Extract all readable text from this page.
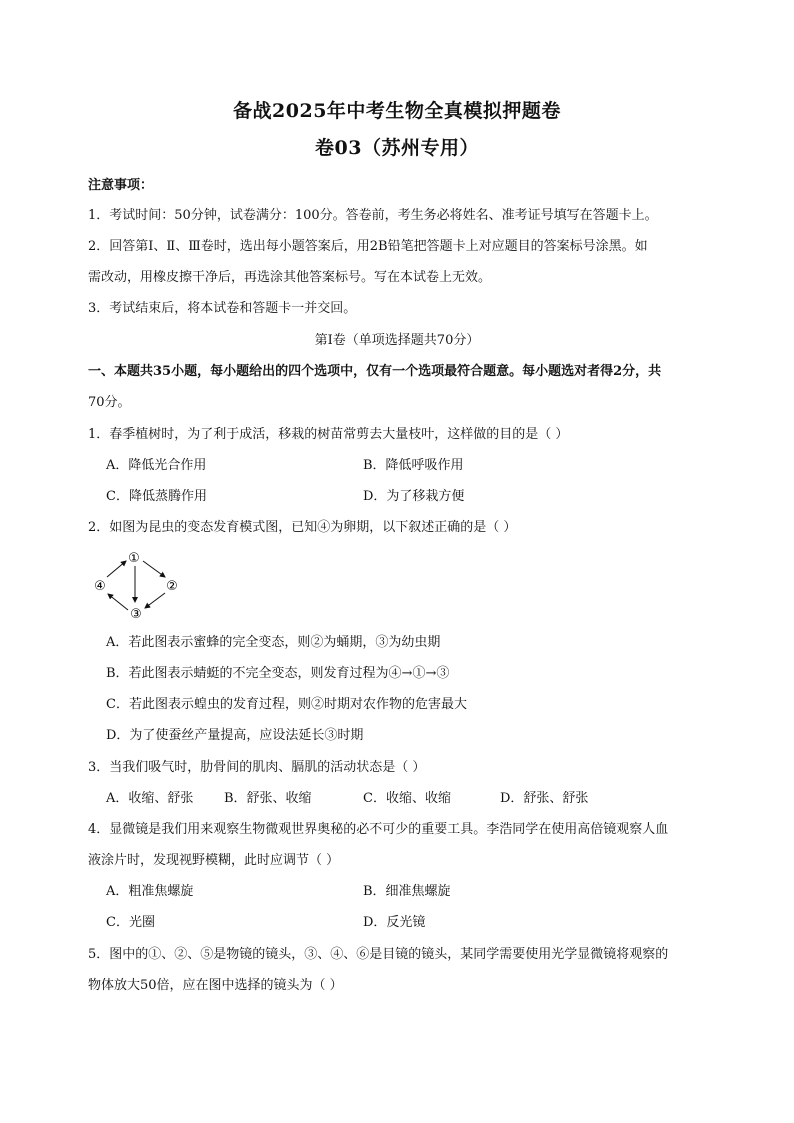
备战2025年中考生物全真模拟押题卷
卷03（苏州专用）
注意事项：
1．考试时间：50分钟，试卷满分：100分。答卷前，考生务必将姓名、准考证号填写在答题卡上。
2．回答第Ⅰ、Ⅱ、Ⅲ卷时，选出每小题答案后，用2B铅笔把答题卡上对应题目的答案标号涂黑。如
需改动，用橡皮擦干净后，再选涂其他答案标号。写在本试卷上无效。
3．考试结束后，将本试卷和答题卡一并交回。
第Ⅰ卷（单项选择题共70分）
一、本题共35小题，每小题给出的四个选项中，仅有一个选项最符合题意。每小题选对者得2分，共
70分。
1．春季植树时，为了利于成活，移栽的树苗常剪去大量枝叶，这样做的目的是（ ）
A．降低光合作用	B．降低呼吸作用
C．降低蒸腾作用	D．为了移栽方便
2．如图为昆虫的变态发育模式图，已知④为卵期，以下叙述正确的是（ ）
①
②
③
④
A．若此图表示蜜蜂的完全变态，则②为蛹期，③为幼虫期
B．若此图表示蜻蜓的不完全变态，则发育过程为④→①→③
C．若此图表示蝗虫的发育过程，则②时期对农作物的危害最大
D．为了使蚕丝产量提高，应设法延长③时期
3．当我们吸气时，肋骨间的肌肉、膈肌的活动状态是（ ）
A．收缩、舒张 B．舒张、收缩	C．收缩、收缩	D．舒张、舒张
4．显微镜是我们用来观察生物微观世界奥秘的必不可少的重要工具。李浩同学在使用高倍镜观察人血
液涂片时，发现视野模糊，此时应调节（ ）
A．粗准焦螺旋	B．细准焦螺旋
C．光圈	D．反光镜
5．图中的①、②、⑤是物镜的镜头，③、④、⑥是目镜的镜头，某同学需要使用光学显微镜将观察的
物体放大50倍，应在图中选择的镜头为（ ）
